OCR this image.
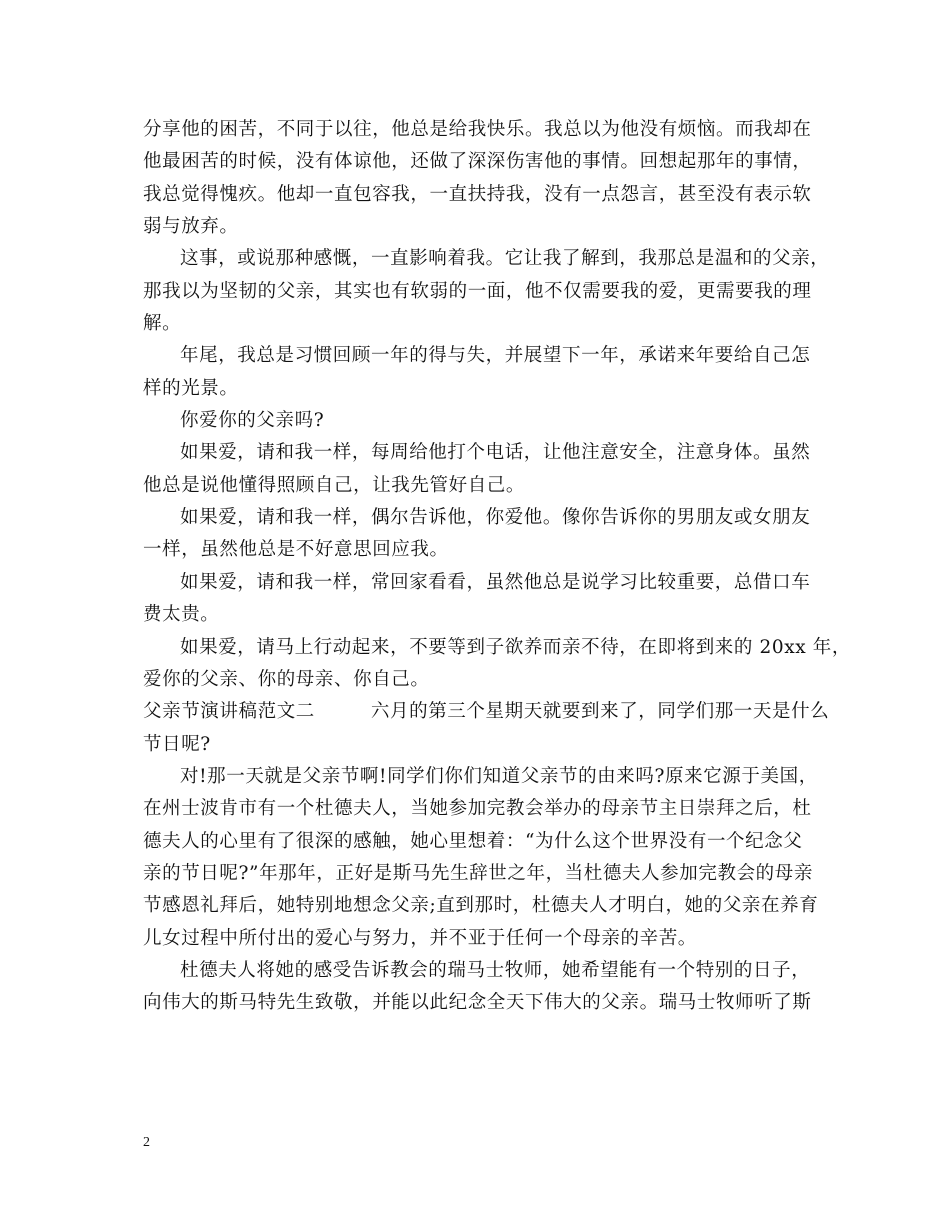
分享他的困苦，不同于以往，他总是给我快乐。我总以为他没有烦恼。而我却在
他最困苦的时候，没有体谅他，还做了深深伤害他的事情。回想起那年的事情，
我总觉得愧疚。他却一直包容我，一直扶持我，没有一点怨言，甚至没有表示软
弱与放弃。
这事，或说那种感慨，一直影响着我。它让我了解到，我那总是温和的父亲，
那我以为坚韧的父亲，其实也有软弱的一面，他不仅需要我的爱，更需要我的理
解。
年尾，我总是习惯回顾一年的得与失，并展望下一年，承诺来年要给自己怎
样的光景。
你爱你的父亲吗?
如果爱，请和我一样，每周给他打个电话，让他注意安全，注意身体。虽然
他总是说他懂得照顾自己，让我先管好自己。
如果爱，请和我一样，偶尔告诉他，你爱他。像你告诉你的男朋友或女朋友
一样，虽然他总是不好意思回应我。
如果爱，请和我一样，常回家看看，虽然他总是说学习比较重要，总借口车
费太贵。
如果爱，请马上行动起来，不要等到子欲养而亲不待，在即将到来的 20xx 年，
爱你的父亲、你的母亲、你自己。
父亲节演讲稿范文二	六月的第三个星期天就要到来了，同学们那一天是什么
节日呢?
对!那一天就是父亲节啊!同学们你们知道父亲节的由来吗?原来它源于美国，
在州士波肯市有一个杜德夫人，当她参加完教会举办的母亲节主日崇拜之后，杜
德夫人的心里有了很深的感触，她心里想着：“为什么这个世界没有一个纪念父
亲的节日呢?”年那年，正好是斯马先生辞世之年，当杜德夫人参加完教会的母亲
节感恩礼拜后，她特别地想念父亲;直到那时，杜德夫人才明白，她的父亲在养育
儿女过程中所付出的爱心与努力，并不亚于任何一个母亲的辛苦。
杜德夫人将她的感受告诉教会的瑞马士牧师，她希望能有一个特别的日子，
向伟大的斯马特先生致敬，并能以此纪念全天下伟大的父亲。瑞马士牧师听了斯
2
